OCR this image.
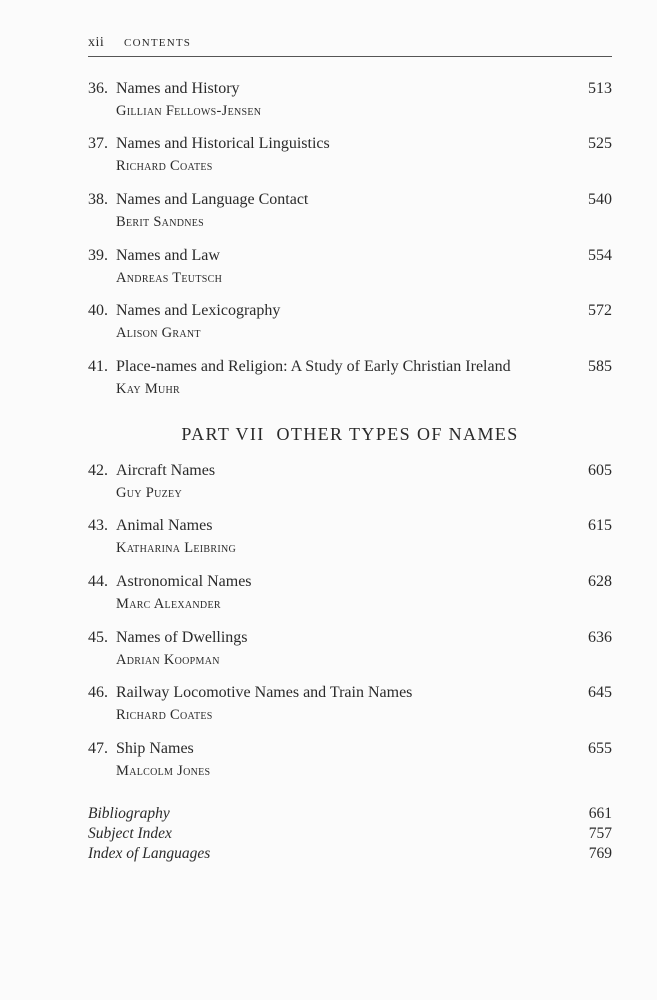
xii CONTENTS
36. Names and History	513
Gillian Fellows-Jensen
37. Names and Historical Linguistics	525
Richard Coates
38. Names and Language Contact	540
Berit Sandnes
39. Names and Law	554
Andreas Teutsch
40. Names and Lexicography	572
Alison Grant
41. Place-names and Religion: A Study of Early Christian Ireland	585
Kay Muhr
PART VII  OTHER TYPES OF NAMES
42. Aircraft Names	605
Guy Puzey
43. Animal Names	615
Katharina Leibring
44. Astronomical Names	628
Marc Alexander
45. Names of Dwellings	636
Adrian Koopman
46. Railway Locomotive Names and Train Names	645
Richard Coates
47. Ship Names	655
Malcolm Jones
Bibliography	661
Subject Index	757
Index of Languages	769
